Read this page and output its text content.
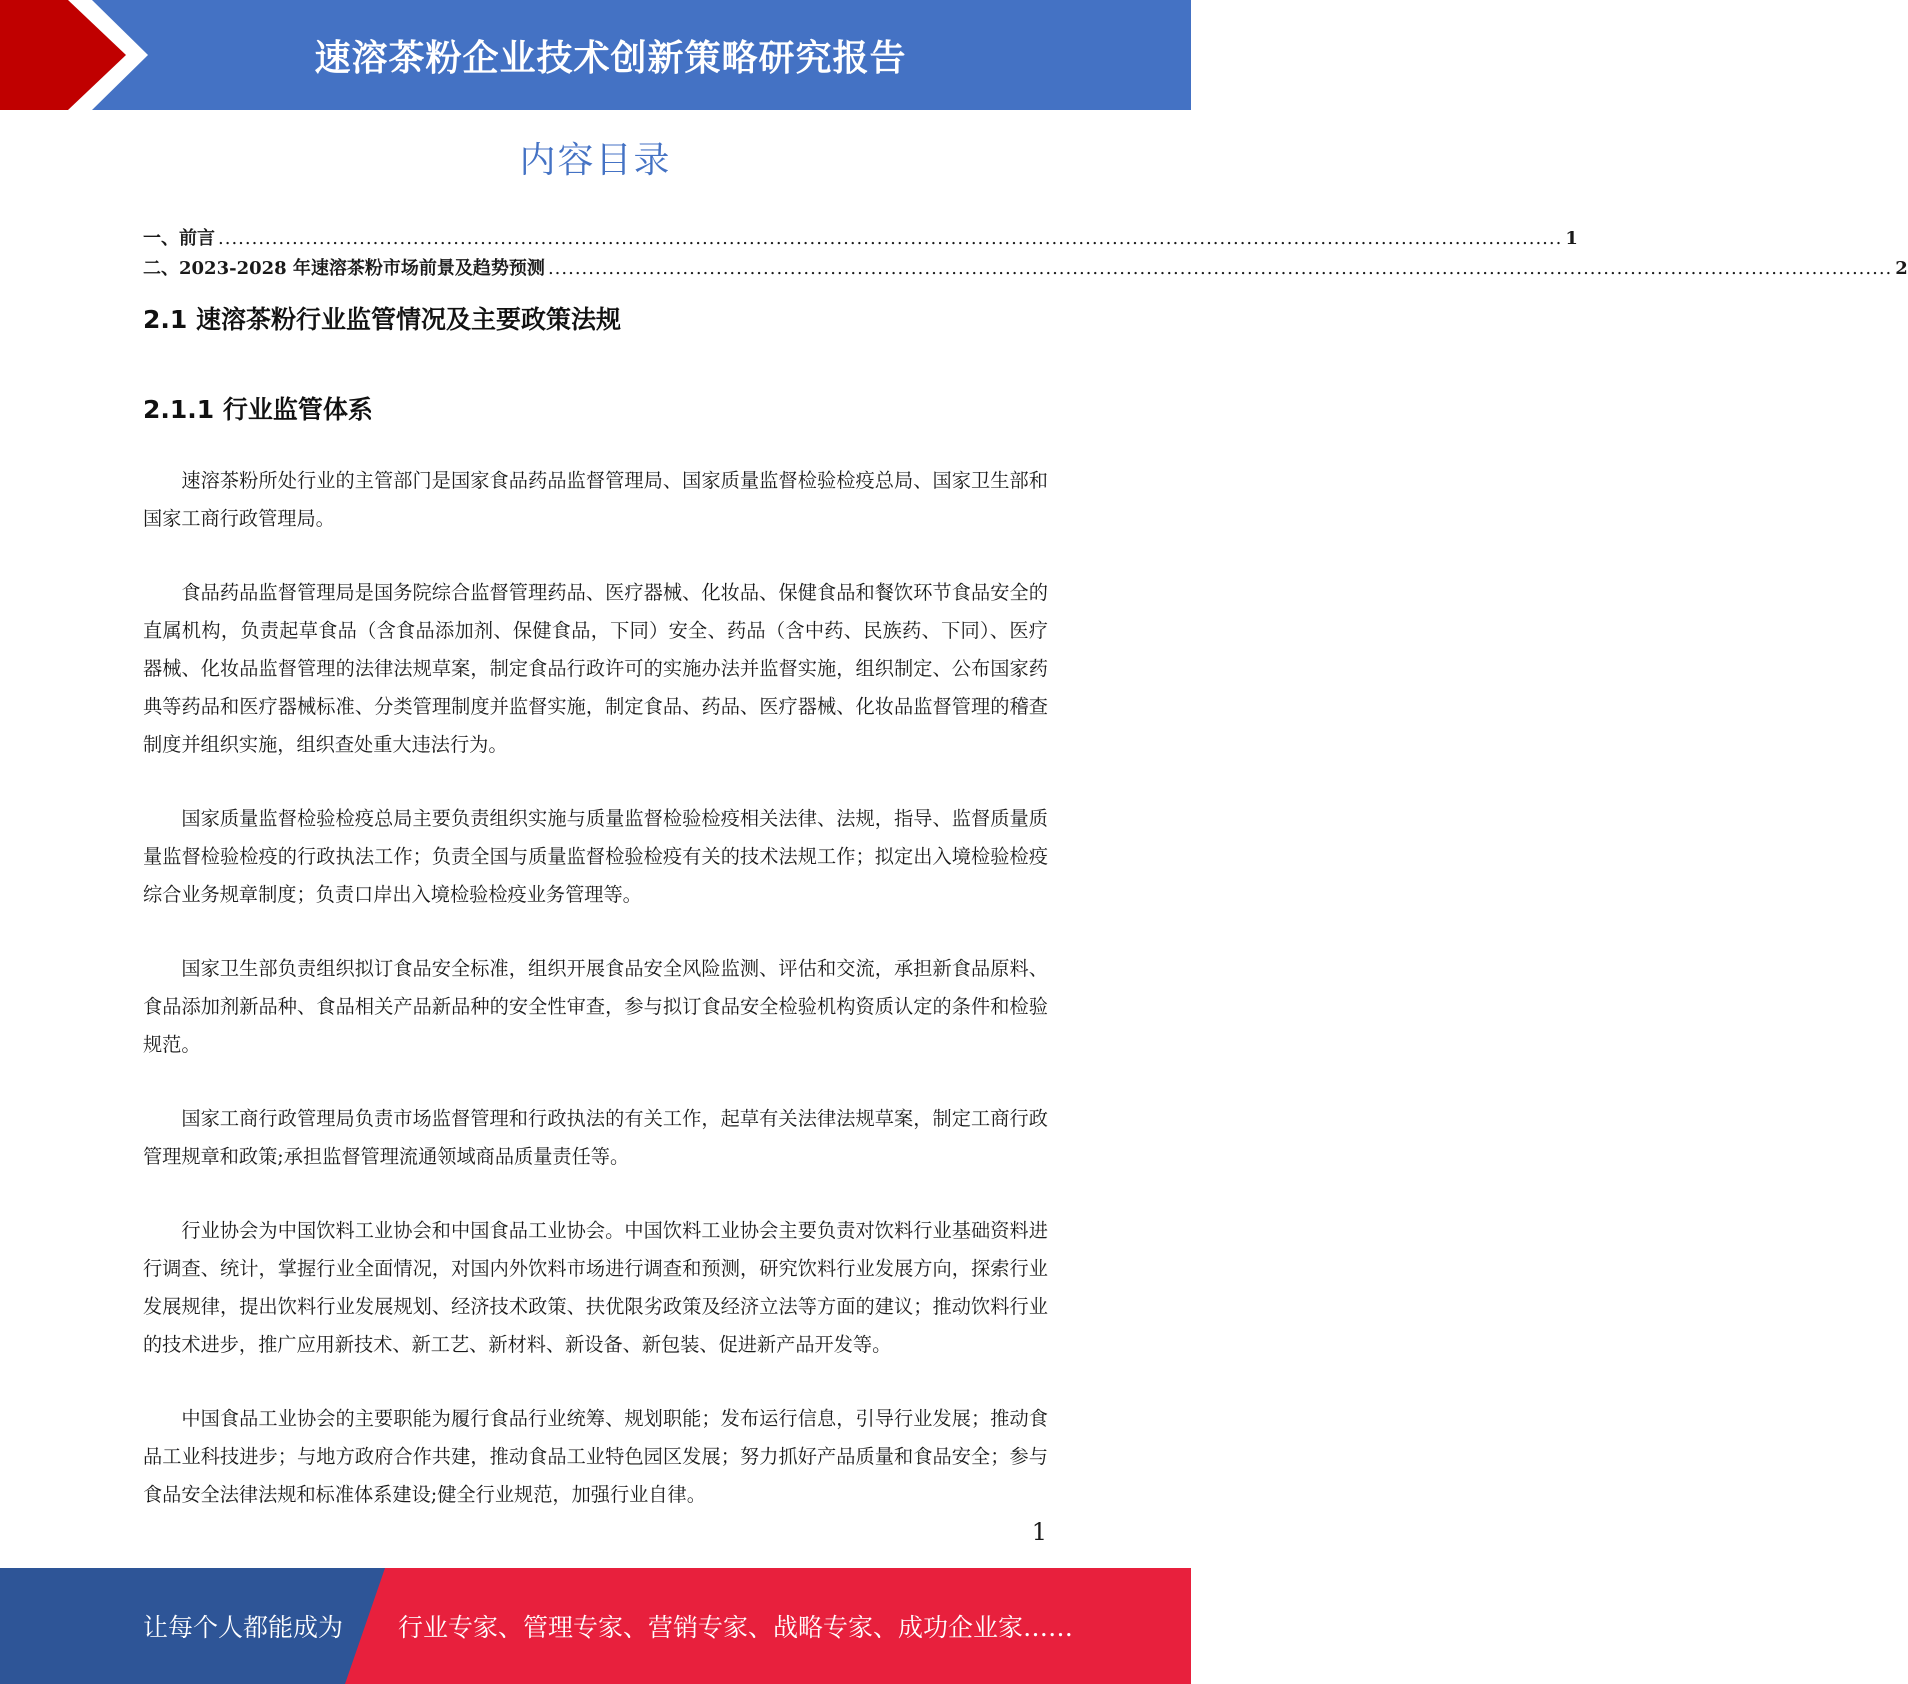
速溶茶粉企业技术创新策略研究报告
内容目录
一、前言 ........................................................................................................................................................................................................ 1
二、2023-2028 年速溶茶粉市场前景及趋势预测 ........................................................................................................................................................................................................ 2
2.1 速溶茶粉行业监管情况及主要政策法规
2.1.1 行业监管体系

速溶茶粉所处行业的主管部门是国家食品药品监督管理局、国家质量监督检验检疫总局、国家卫生部和国家工商行政管理局。

食品药品监督管理局是国务院综合监督管理药品、医疗器械、化妆品、保健食品和餐饮环节食品安全的直属机构，负责起草食品（含食品添加剂、保健食品，下同）安全、药品（含中药、民族药、下同）、医疗器械、化妆品监督管理的法律法规草案，制定食品行政许可的实施办法并监督实施，组织制定、公布国家药典等药品和医疗器械标准、分类管理制度并监督实施，制定食品、药品、医疗器械、化妆品监督管理的稽查制度并组织实施，组织查处重大违法行为。

国家质量监督检验检疫总局主要负责组织实施与质量监督检验检疫相关法律、法规，指导、监督质量质量监督检验检疫的行政执法工作；负责全国与质量监督检验检疫有关的技术法规工作；拟定出入境检验检疫综合业务规章制度；负责口岸出入境检验检疫业务管理等。

国家卫生部负责组织拟订食品安全标准，组织开展食品安全风险监测、评估和交流，承担新食品原料、食品添加剂新品种、食品相关产品新品种的安全性审查，参与拟订食品安全检验机构资质认定的条件和检验规范。

国家工商行政管理局负责市场监督管理和行政执法的有关工作，起草有关法律法规草案，制定工商行政管理规章和政策;承担监督管理流通领域商品质量责任等。

行业协会为中国饮料工业协会和中国食品工业协会。中国饮料工业协会主要负责对饮料行业基础资料进行调查、统计，掌握行业全面情况，对国内外饮料市场进行调查和预测，研究饮料行业发展方向，探索行业发展规律，提出饮料行业发展规划、经济技术政策、扶优限劣政策及经济立法等方面的建议；推动饮料行业的技术进步，推广应用新技术、新工艺、新材料、新设备、新包装、促进新产品开发等。

中国食品工业协会的主要职能为履行食品行业统筹、规划职能；发布运行信息，引导行业发展；推动食品工业科技进步；与地方政府合作共建，推动食品工业特色园区发展；努力抓好产品质量和食品安全；参与食品安全法律法规和标准体系建设;健全行业规范，加强行业自律。

1
让每个人都能成为 行业专家、管理专家、营销专家、战略专家、成功企业家……
